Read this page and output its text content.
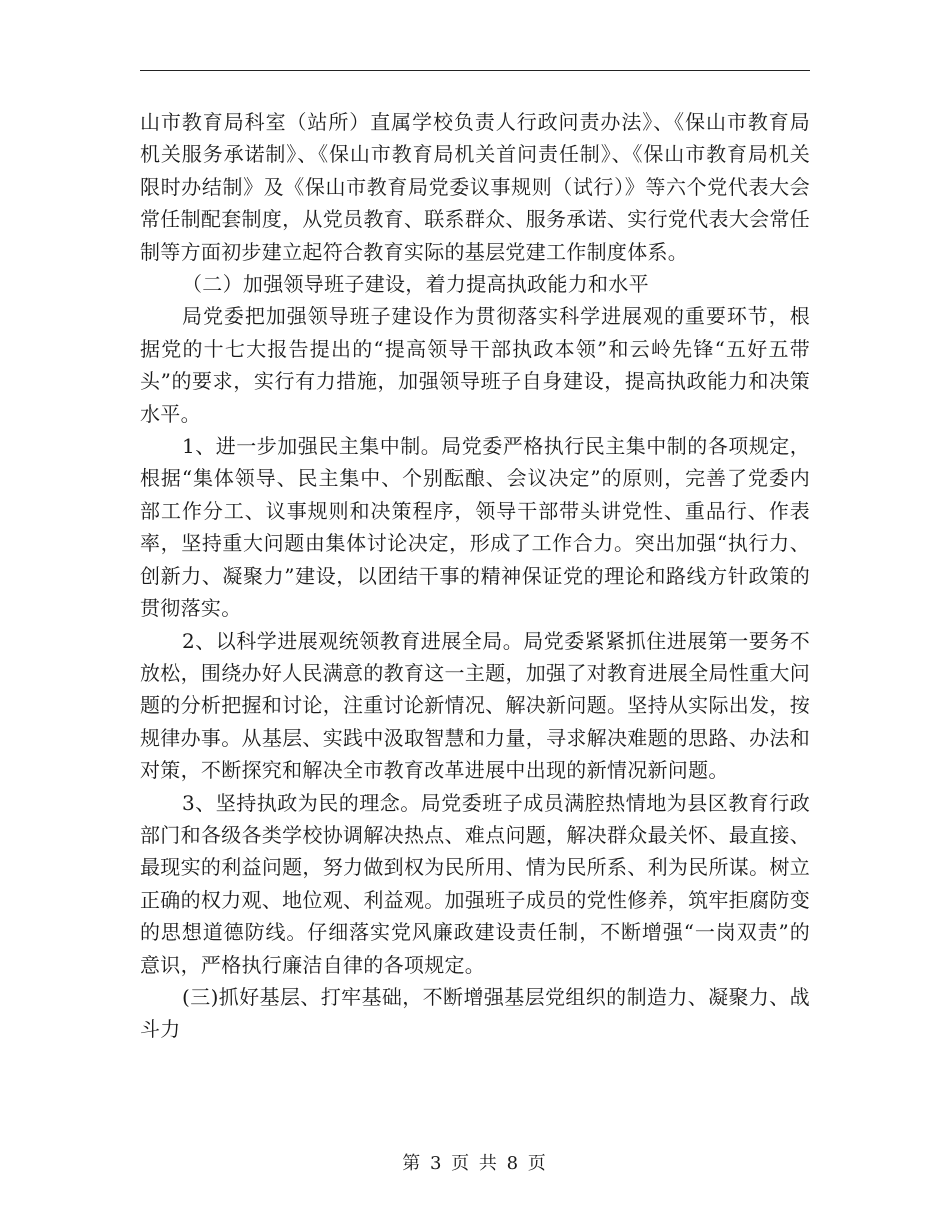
山市教育局科室（站所）直属学校负责人行政问责办法》、《保山市教育局机关服务承诺制》、《保山市教育局机关首问责任制》、《保山市教育局机关限时办结制》及《保山市教育局党委议事规则（试行）》等六个党代表大会常任制配套制度，从党员教育、联系群众、服务承诺、实行党代表大会常任制等方面初步建立起符合教育实际的基层党建工作制度体系。

（二）加强领导班子建设，着力提高执政能力和水平

局党委把加强领导班子建设作为贯彻落实科学进展观的重要环节，根据党的十七大报告提出的“提高领导干部执政本领”和云岭先锋“五好五带头”的要求，实行有力措施，加强领导班子自身建设，提高执政能力和决策水平。

1、进一步加强民主集中制。局党委严格执行民主集中制的各项规定，根据“集体领导、民主集中、个别酝酿、会议决定”的原则，完善了党委内部工作分工、议事规则和决策程序，领导干部带头讲党性、重品行、作表率，坚持重大问题由集体讨论决定，形成了工作合力。突出加强“执行力、创新力、凝聚力”建设，以团结干事的精神保证党的理论和路线方针政策的贯彻落实。

2、以科学进展观统领教育进展全局。局党委紧紧抓住进展第一要务不放松，围绕办好人民满意的教育这一主题，加强了对教育进展全局性重大问题的分析把握和讨论，注重讨论新情况、解决新问题。坚持从实际出发，按规律办事。从基层、实践中汲取智慧和力量，寻求解决难题的思路、办法和对策，不断探究和解决全市教育改革进展中出现的新情况新问题。

3、坚持执政为民的理念。局党委班子成员满腔热情地为县区教育行政部门和各级各类学校协调解决热点、难点问题，解决群众最关怀、最直接、最现实的利益问题，努力做到权为民所用、情为民所系、利为民所谋。树立正确的权力观、地位观、利益观。加强班子成员的党性修养，筑牢拒腐防变的思想道德防线。仔细落实党风廉政建设责任制，不断增强“一岗双责”的意识，严格执行廉洁自律的各项规定。

(三)抓好基层、打牢基础，不断增强基层党组织的制造力、凝聚力、战斗力

第 3 页 共 8 页
